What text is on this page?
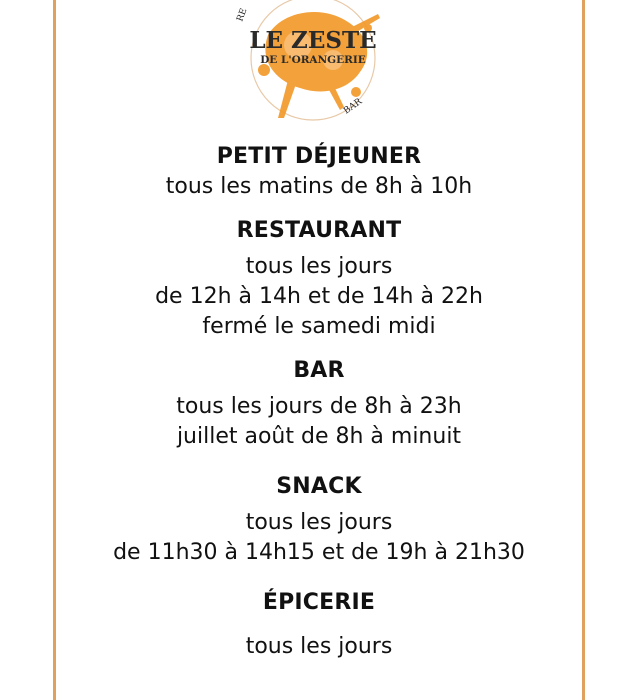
LE ZESTE
DE L'ORANGERIE
RE
BAR

PETIT DÉJEUNER

tous les matins de 8h à 10h

RESTAURANT

tous les jours

de 12h à 14h et de 14h à 22h

fermé le samedi midi

BAR

tous les jours de 8h à 23h

juillet août de 8h à minuit

SNACK

tous les jours

de 11h30 à 14h15 et de 19h à 21h30

ÉPICERIE

tous les jours
